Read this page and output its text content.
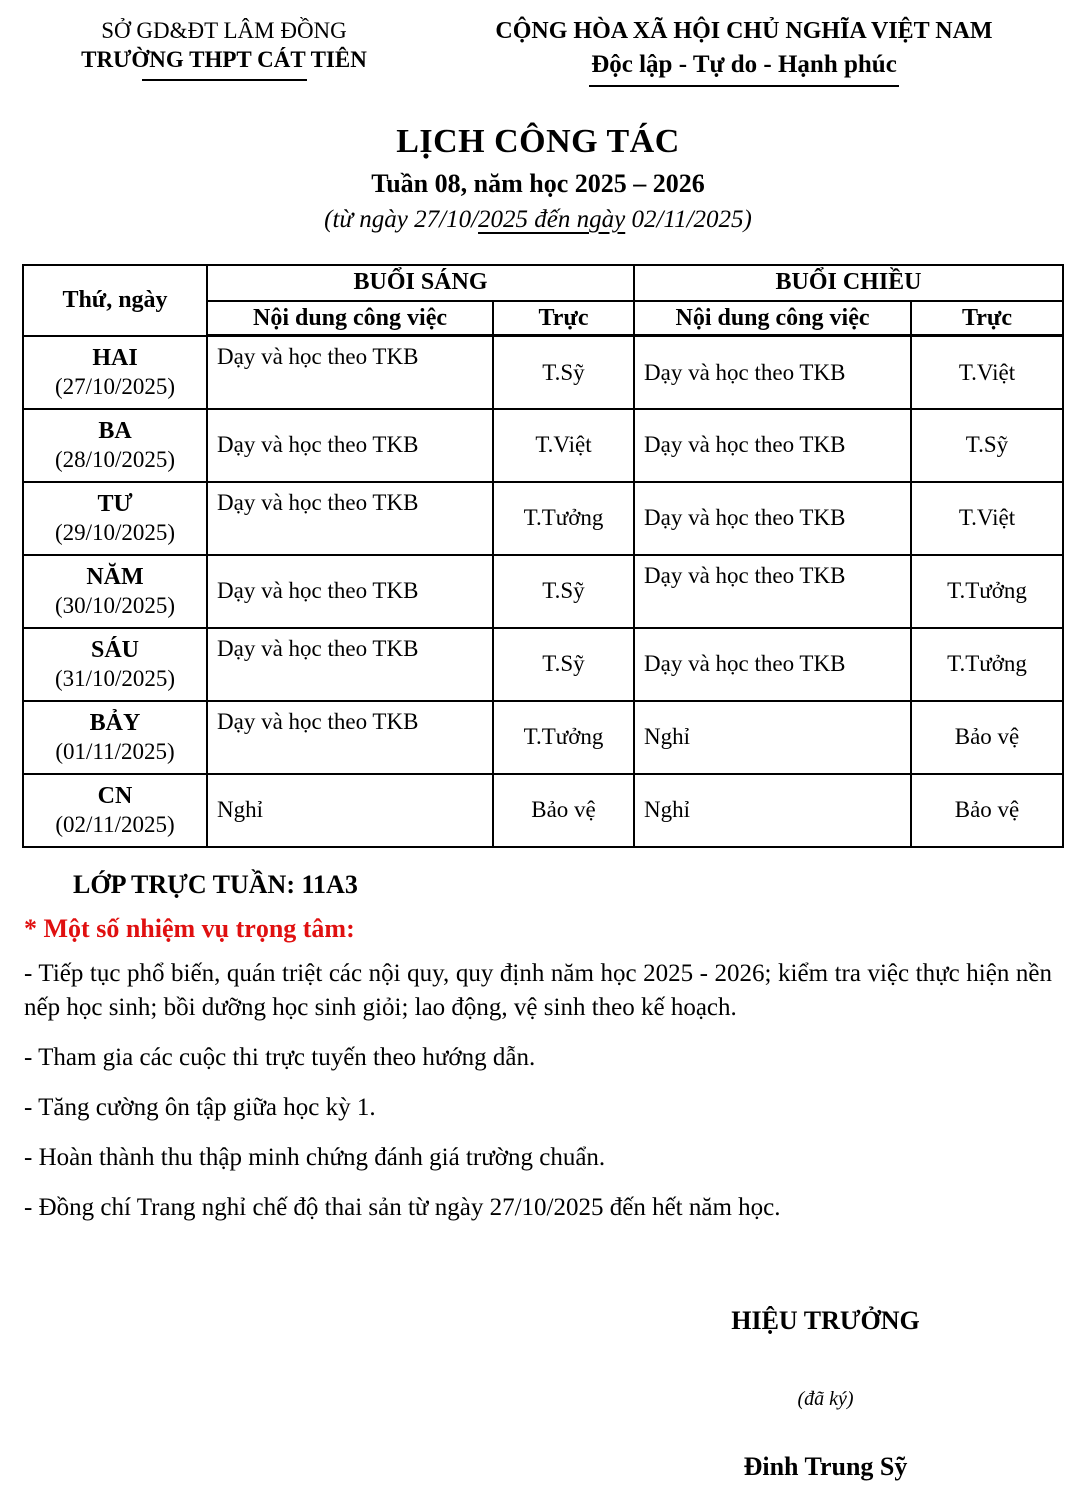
SỞ GD&ĐT LÂM ĐỒNG
TRƯỜNG THPT CÁT TIÊN
CỘNG HÒA XÃ HỘI CHỦ NGHĨA VIỆT NAM
Độc lập - Tự do - Hạnh phúc
LỊCH CÔNG TÁC
Tuần 08, năm học 2025 – 2026
(từ ngày 27/10/2025 đến ngày 02/11/2025)
Thứ, ngày	BUỔI SÁNG		BUỔI CHIỀU	
	Nội dung công việc	Trực	Nội dung công việc	Trực

HAI
(27/10/2025)	Dạy và học theo TKB	T.Sỹ	Dạy và học theo TKB	T.Việt

BA
(28/10/2025)	Dạy và học theo TKB	T.Việt	Dạy và học theo TKB	T.Sỹ

TƯ
(29/10/2025)	Dạy và học theo TKB	T.Tưởng	Dạy và học theo TKB	T.Việt

NĂM
(30/10/2025)	Dạy và học theo TKB	T.Sỹ	Dạy và học theo TKB	T.Tưởng

SÁU
(31/10/2025)	Dạy và học theo TKB	T.Sỹ	Dạy và học theo TKB	T.Tưởng

BẢY
(01/11/2025)	Dạy và học theo TKB	T.Tưởng	Nghỉ	Bảo vệ

CN
(02/11/2025)	Nghỉ	Bảo vệ	Nghỉ	Bảo vệ
LỚP TRỰC TUẦN: 11A3
* Một số nhiệm vụ trọng tâm:

- Tiếp tục phổ biến, quán triệt các nội quy, quy định năm học 2025 - 2026; kiểm tra việc thực hiện nền nếp học sinh; bồi dưỡng học sinh giỏi; lao động, vệ sinh theo kế hoạch.

- Tham gia các cuộc thi trực tuyến theo hướng dẫn.

- Tăng cường ôn tập giữa học kỳ 1.

- Hoàn thành thu thập minh chứng đánh giá trường chuẩn.

- Đồng chí Trang nghỉ chế độ thai sản từ ngày 27/10/2025 đến hết năm học.

HIỆU TRƯỞNG
(đã ký)
Đinh Trung Sỹ
